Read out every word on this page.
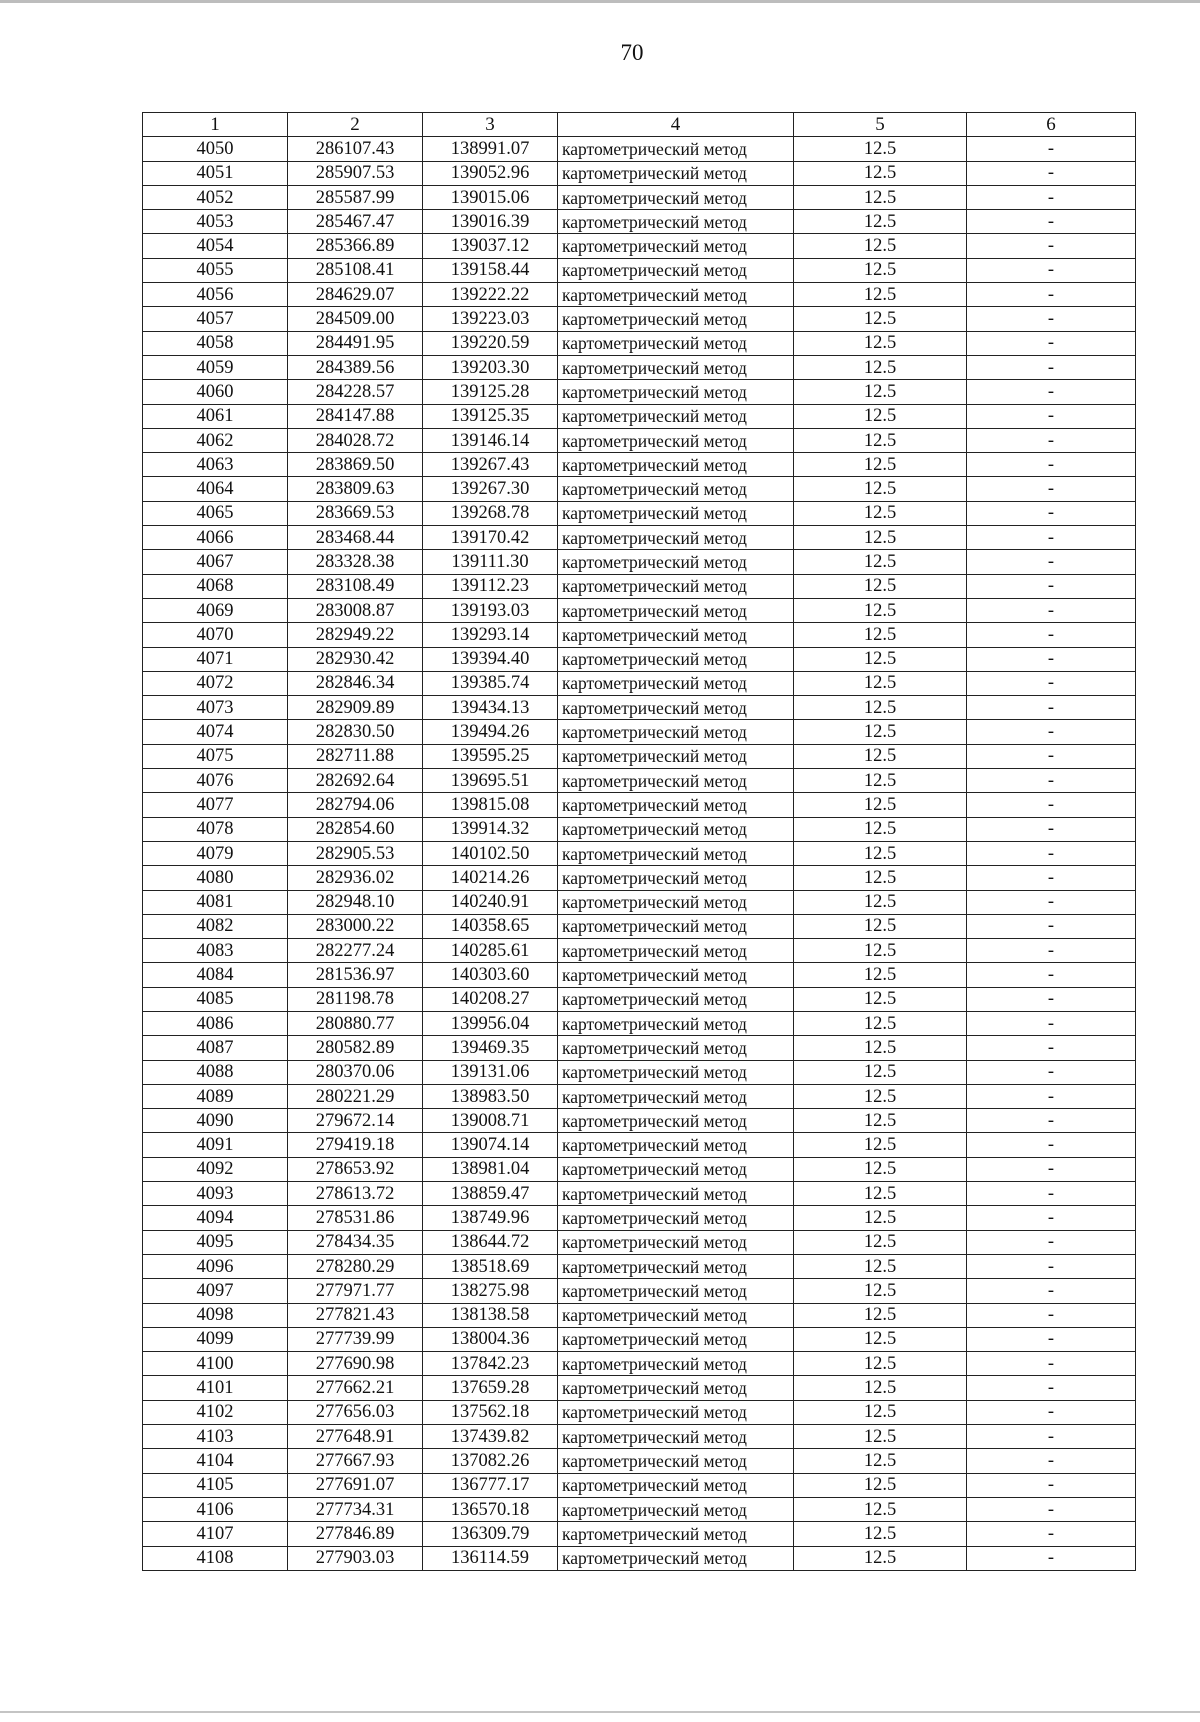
70
1	2	3	4	5	6
4050	286107.43	138991.07	картометрический метод	12.5	-
4051	285907.53	139052.96	картометрический метод	12.5	-
4052	285587.99	139015.06	картометрический метод	12.5	-
4053	285467.47	139016.39	картометрический метод	12.5	-
4054	285366.89	139037.12	картометрический метод	12.5	-
4055	285108.41	139158.44	картометрический метод	12.5	-
4056	284629.07	139222.22	картометрический метод	12.5	-
4057	284509.00	139223.03	картометрический метод	12.5	-
4058	284491.95	139220.59	картометрический метод	12.5	-
4059	284389.56	139203.30	картометрический метод	12.5	-
4060	284228.57	139125.28	картометрический метод	12.5	-
4061	284147.88	139125.35	картометрический метод	12.5	-
4062	284028.72	139146.14	картометрический метод	12.5	-
4063	283869.50	139267.43	картометрический метод	12.5	-
4064	283809.63	139267.30	картометрический метод	12.5	-
4065	283669.53	139268.78	картометрический метод	12.5	-
4066	283468.44	139170.42	картометрический метод	12.5	-
4067	283328.38	139111.30	картометрический метод	12.5	-
4068	283108.49	139112.23	картометрический метод	12.5	-
4069	283008.87	139193.03	картометрический метод	12.5	-
4070	282949.22	139293.14	картометрический метод	12.5	-
4071	282930.42	139394.40	картометрический метод	12.5	-
4072	282846.34	139385.74	картометрический метод	12.5	-
4073	282909.89	139434.13	картометрический метод	12.5	-
4074	282830.50	139494.26	картометрический метод	12.5	-
4075	282711.88	139595.25	картометрический метод	12.5	-
4076	282692.64	139695.51	картометрический метод	12.5	-
4077	282794.06	139815.08	картометрический метод	12.5	-
4078	282854.60	139914.32	картометрический метод	12.5	-
4079	282905.53	140102.50	картометрический метод	12.5	-
4080	282936.02	140214.26	картометрический метод	12.5	-
4081	282948.10	140240.91	картометрический метод	12.5	-
4082	283000.22	140358.65	картометрический метод	12.5	-
4083	282277.24	140285.61	картометрический метод	12.5	-
4084	281536.97	140303.60	картометрический метод	12.5	-
4085	281198.78	140208.27	картометрический метод	12.5	-
4086	280880.77	139956.04	картометрический метод	12.5	-
4087	280582.89	139469.35	картометрический метод	12.5	-
4088	280370.06	139131.06	картометрический метод	12.5	-
4089	280221.29	138983.50	картометрический метод	12.5	-
4090	279672.14	139008.71	картометрический метод	12.5	-
4091	279419.18	139074.14	картометрический метод	12.5	-
4092	278653.92	138981.04	картометрический метод	12.5	-
4093	278613.72	138859.47	картометрический метод	12.5	-
4094	278531.86	138749.96	картометрический метод	12.5	-
4095	278434.35	138644.72	картометрический метод	12.5	-
4096	278280.29	138518.69	картометрический метод	12.5	-
4097	277971.77	138275.98	картометрический метод	12.5	-
4098	277821.43	138138.58	картометрический метод	12.5	-
4099	277739.99	138004.36	картометрический метод	12.5	-
4100	277690.98	137842.23	картометрический метод	12.5	-
4101	277662.21	137659.28	картометрический метод	12.5	-
4102	277656.03	137562.18	картометрический метод	12.5	-
4103	277648.91	137439.82	картометрический метод	12.5	-
4104	277667.93	137082.26	картометрический метод	12.5	-
4105	277691.07	136777.17	картометрический метод	12.5	-
4106	277734.31	136570.18	картометрический метод	12.5	-
4107	277846.89	136309.79	картометрический метод	12.5	-
4108	277903.03	136114.59	картометрический метод	12.5	-
